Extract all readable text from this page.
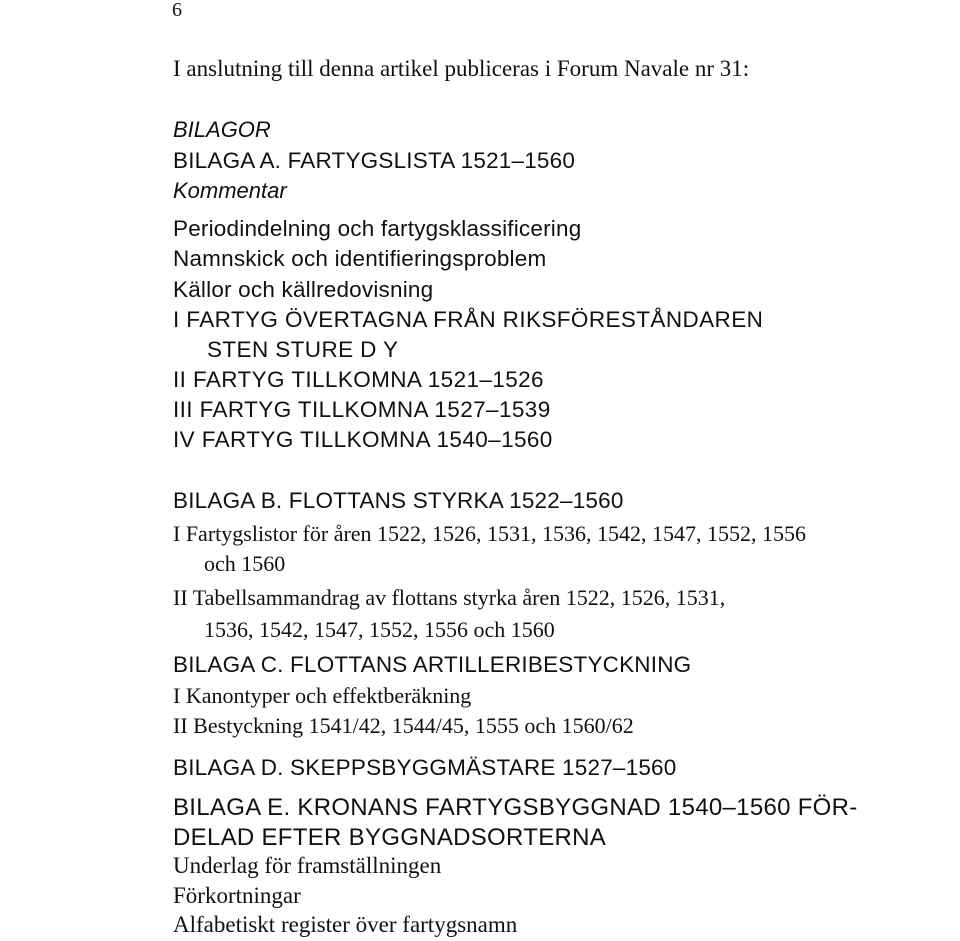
6
I anslutning till denna artikel publiceras i Forum Navale nr 31:
BILAGOR
BILAGA A. FARTYGSLISTA 1521–1560
Kommentar
Periodindelning och fartygsklassificering
Namnskick och identifieringsproblem
Källor och källredovisning
I FARTYG ÖVERTAGNA FRÅN RIKSFÖRESTÅNDAREN
STEN STURE D Y
II FARTYG TILLKOMNA 1521–1526
III FARTYG TILLKOMNA 1527–1539
IV FARTYG TILLKOMNA 1540–1560
BILAGA B. FLOTTANS STYRKA 1522–1560
I Fartygslistor för åren 1522, 1526, 1531, 1536, 1542, 1547, 1552, 1556
och 1560
II Tabellsammandrag av flottans styrka åren 1522, 1526, 1531,
1536, 1542, 1547, 1552, 1556 och 1560
BILAGA C. FLOTTANS ARTILLERIBESTYCKNING
I Kanontyper och effektberäkning
II Bestyckning 1541/42, 1544/45, 1555 och 1560/62
BILAGA D. SKEPPSBYGGMÄSTARE 1527–1560
BILAGA E. KRONANS FARTYGSBYGGNAD 1540–1560 FÖR-
DELAD EFTER BYGGNADSORTERNA
Underlag för framställningen
Förkortningar
Alfabetiskt register över fartygsnamn
